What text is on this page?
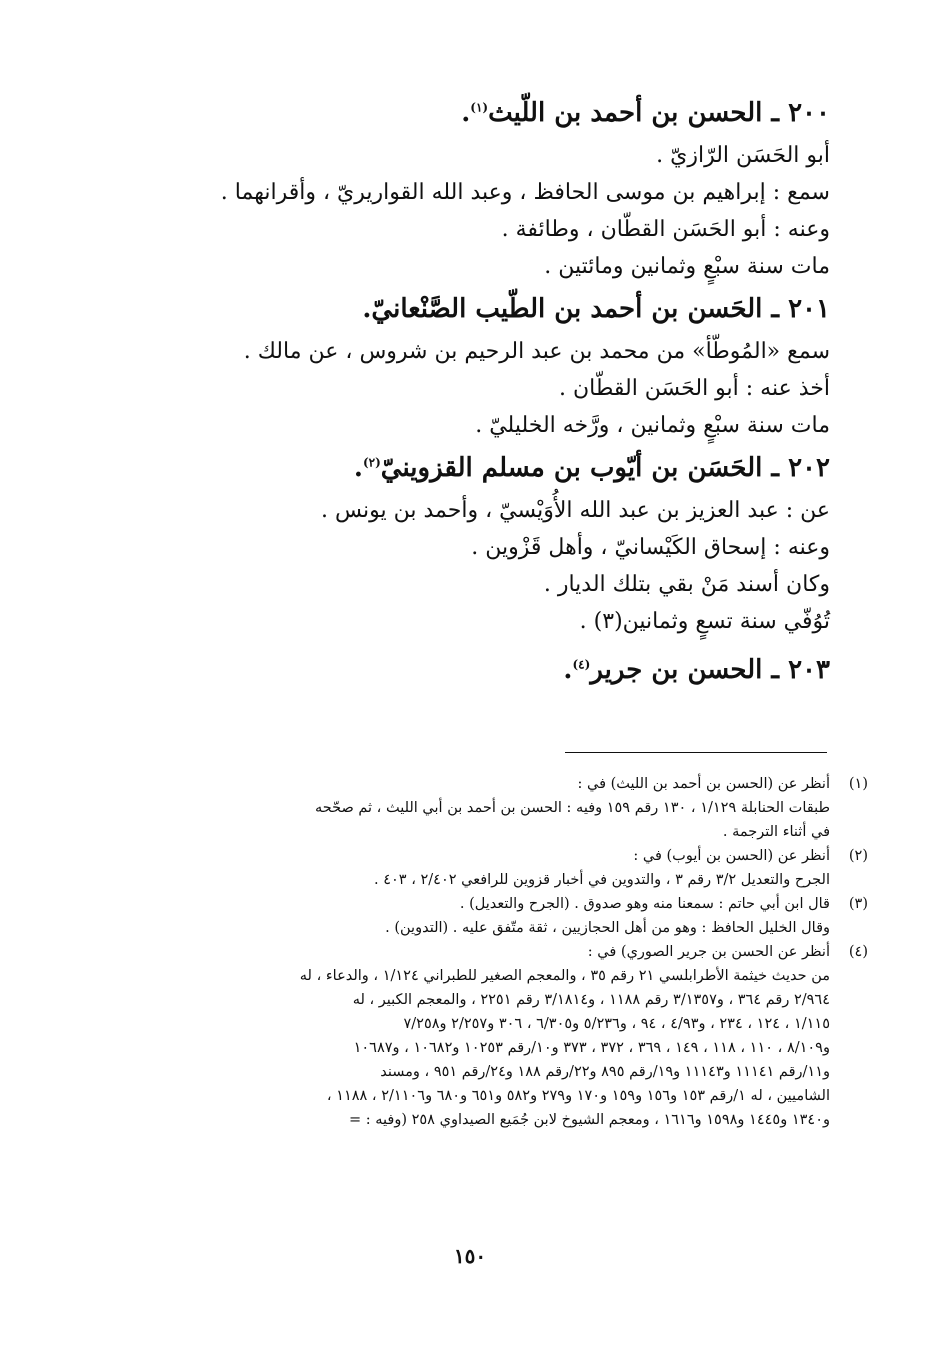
٢٠٠ ـ الحسن بن أحمد بن اللّيث$^{(١)}$.
أبو الحَسَن الرّازيّ .
سمع : إبراهيم بن موسى الحافظ ، وعبد الله القواريريّ ، وأقرانهما .
وعنه : أبو الحَسَن القطّان ، وطائفة .
مات سنة سبْعٍ وثمانين ومائتين .
٢٠١ ـ الحَسن بن أحمد بن الطّيب الصَّنْعانيّ.
سمع «المُوطّأ» من محمد بن عبد الرحيم بن شروس ، عن مالك .
أخذ عنه : أبو الحَسَن القطّان .
مات سنة سبْعٍ وثمانين ، ورَّخه الخليليّ .
٢٠٢ ـ الحَسَن بن أيّوب بن مسلم القزوينيّ$^{(٢)}$.
عن : عبد العزيز بن عبد الله الأُوَيْسيّ ، وأحمد بن يونس .
وعنه : إسحاق الكَيْسانيّ ، وأهل قَزْوين .
وكان أسند مَنْ بقي بتلك الديار .
تُوُفّي سنة تسعٍ وثمانين(٣) .
٢٠٣ ـ الحسن بن جرير$^{(٤)}$.
(١)
أنظر عن (الحسن بن أحمد بن الليث) في :
طبقات الحنابلة ١/١٢٩ ، ١٣٠ رقم ١٥٩ وفيه : الحسن بن أحمد بن أبي الليث ، ثم صحّحه
في أثناء الترجمة .
(٢)
أنظر عن (الحسن بن أيوب) في :
الجرح والتعديل ٣/٢ رقم ٣ ، والتدوين في أخبار قزوين للرافعي ٢/٤٠٢ ، ٤٠٣ .
(٣)
قال ابن أبي حاتم : سمعنا منه وهو صدوق . (الجرح والتعديل) .
وقال الخليل الحافظ : وهو من أهل الحجازيين ، ثقة متّفق عليه . (التدوين) .
(٤)
أنظر عن الحسن بن جرير الصوري) في :
من حديث خيثمة الأطرابلسي ٢١ رقم ٣٥ ، والمعجم الصغير للطبراني ١/١٢٤ ، والدعاء ، له
٢/٩٦٤ رقم ٣٦٤ ، و٣/١٣٥٧ رقم ١١٨٨ ، و٣/١٨١٤ رقم ٢٢٥١ ، والمعجم الكبير ، له
١/١١٥ ، ١٢٤ ، ٢٣٤ ، و٤/٩٣ ، ٩٤ ، و٥/٢٣٦ و٦/٣٠٥ ، ٣٠٦ و٢/٢٥٧ و٧/٢٥٨
و٨/١٠٩ ، ١١٠ ، ١١٨ ، ١٤٩ ، ٣٦٩ ، ٣٧٢ ، ٣٧٣ و١٠/رقم ١٠٢٥٣ و١٠٦٨٢ ، و١٠٦٨٧
و١١/رقم ١١١٤١ و١١١٤٣ و١٩/رقم ٨٩٥ و٢٢/رقم ١٨٨ و٢٤/رقم ٩٥١ ، ومسند
الشاميين ، له ١/رقم ١٥٣ و١٥٦ و١٥٩ و١٧٠ و٢٧٩ و٥٨٢ و٦٥١ و٦٨٠ و٢/١١٠٦ ، ١١٨٨ ،
و١٣٤٠ و١٤٤٥ و١٥٩٨ و١٦١٦ ، ومعجم الشيوخ لابن جُمَيع الصيداوي ٢٥٨ (وفيه : =
١٥٠
